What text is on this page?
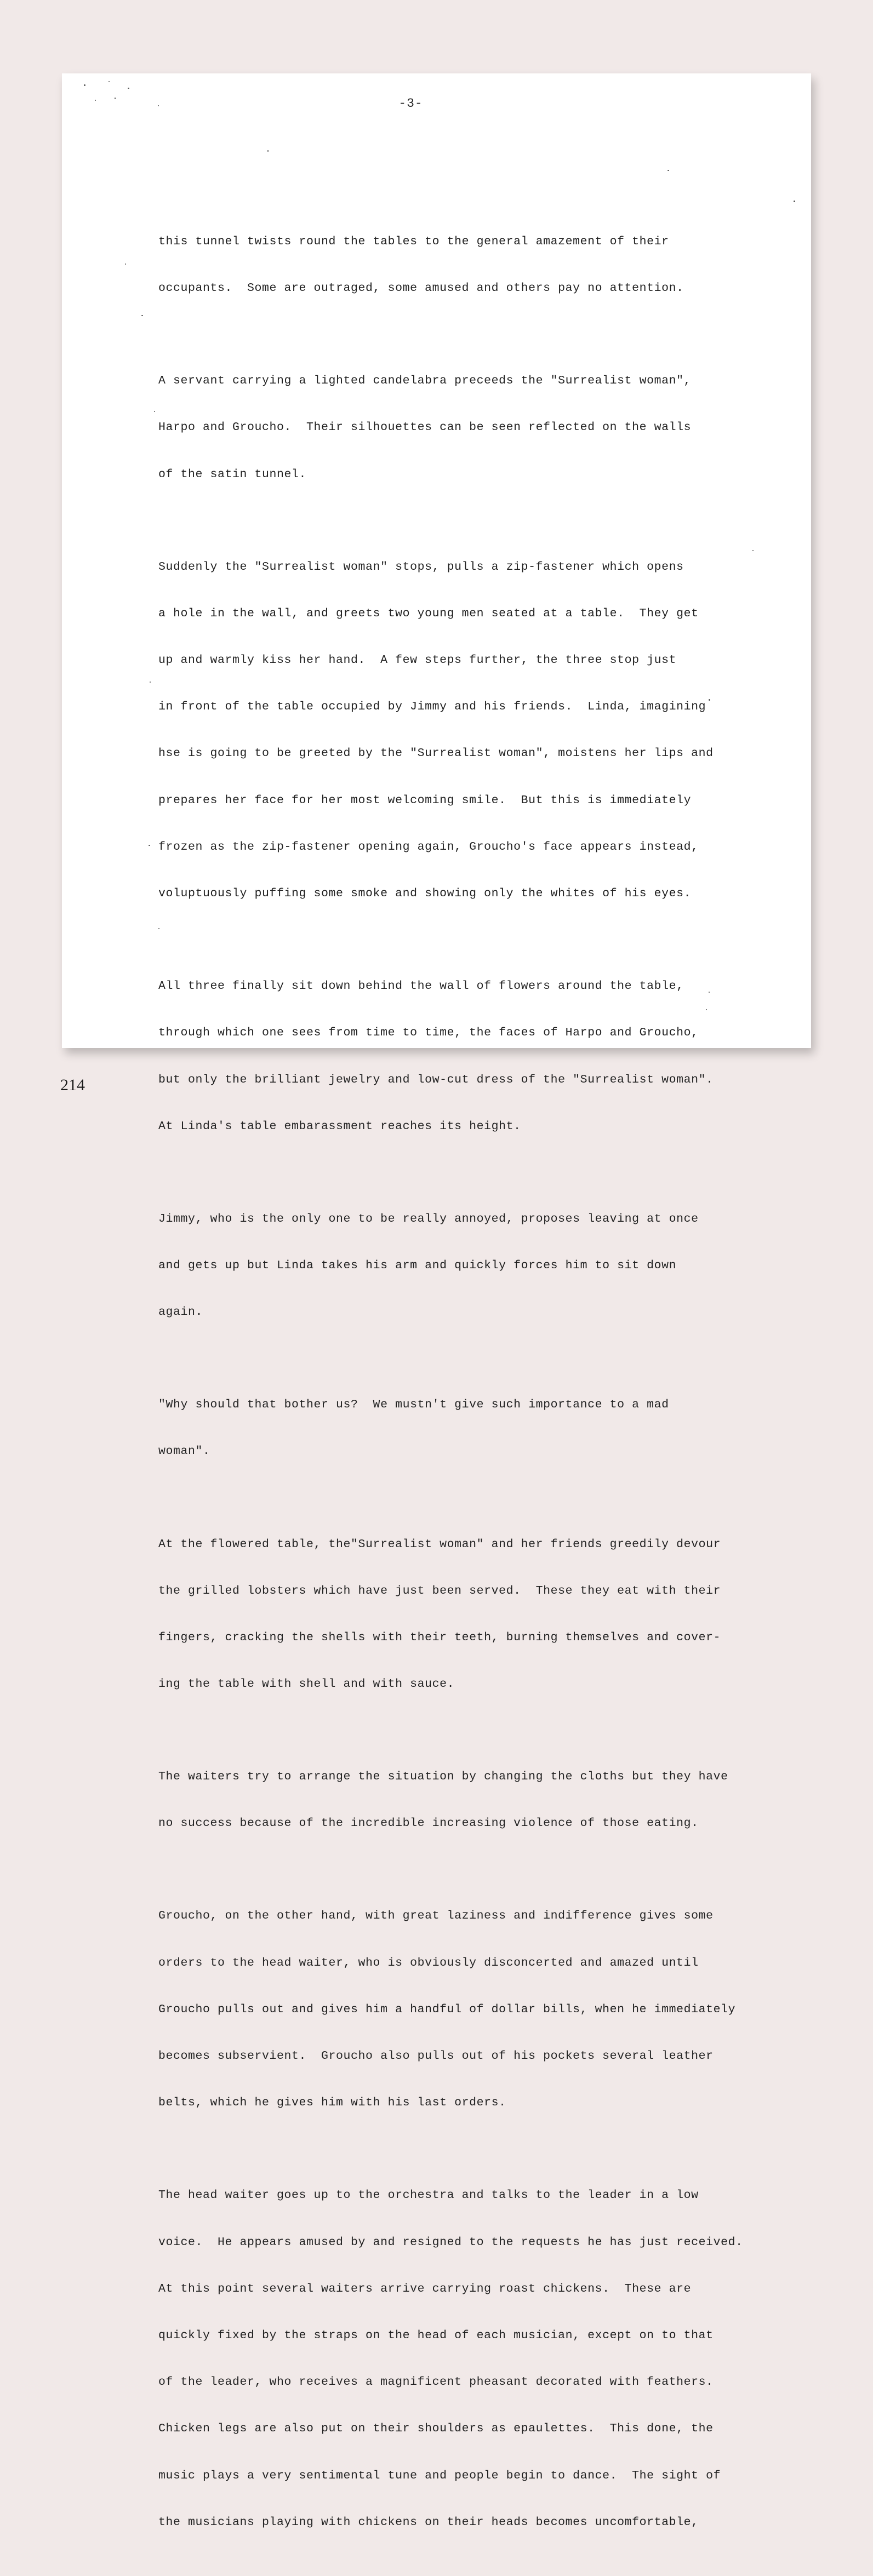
-3-

this tunnel twists round the tables to the general amazement of their

occupants.  Some are outraged, some amused and others pay no attention.

A servant carrying a lighted candelabra preceeds the "Surrealist woman",

Harpo and Groucho.  Their silhouettes can be seen reflected on the walls

of the satin tunnel.

Suddenly the "Surrealist woman" stops, pulls a zip-fastener which opens

a hole in the wall, and greets two young men seated at a table.  They get

up and warmly kiss her hand.  A few steps further, the three stop just

in front of the table occupied by Jimmy and his friends.  Linda, imagining

hse is going to be greeted by the "Surrealist woman", moistens her lips and

prepares her face for her most welcoming smile.  But this is immediately

frozen as the zip-fastener opening again, Groucho's face appears instead,

voluptuously puffing some smoke and showing only the whites of his eyes.

All three finally sit down behind the wall of flowers around the table,

through which one sees from time to time, the faces of Harpo and Groucho,

but only the brilliant jewelry and low-cut dress of the "Surrealist woman".

At Linda's table embarassment reaches its height.

Jimmy, who is the only one to be really annoyed, proposes leaving at once

and gets up but Linda takes his arm and quickly forces him to sit down

again.

"Why should that bother us?  We mustn't give such importance to a mad

woman".

At the flowered table, the"Surrealist woman" and her friends greedily devour

the grilled lobsters which have just been served.  These they eat with their

fingers, cracking the shells with their teeth, burning themselves and cover-

ing the table with shell and with sauce.

The waiters try to arrange the situation by changing the cloths but they have

no success because of the incredible increasing violence of those eating.

Groucho, on the other hand, with great laziness and indifference gives some

orders to the head waiter, who is obviously disconcerted and amazed until

Groucho pulls out and gives him a handful of dollar bills, when he immediately

becomes subservient.  Groucho also pulls out of his pockets several leather

belts, which he gives him with his last orders.

The head waiter goes up to the orchestra and talks to the leader in a low

voice.  He appears amused by and resigned to the requests he has just received.

At this point several waiters arrive carrying roast chickens.  These are

quickly fixed by the straps on the head of each musician, except on to that

of the leader, who receives a magnificent pheasant decorated with feathers.

Chicken legs are also put on their shoulders as epaulettes.  This done, the

music plays a very sentimental tune and people begin to dance.  The sight of

the musicians playing with chickens on their heads becomes uncomfortable,

214
